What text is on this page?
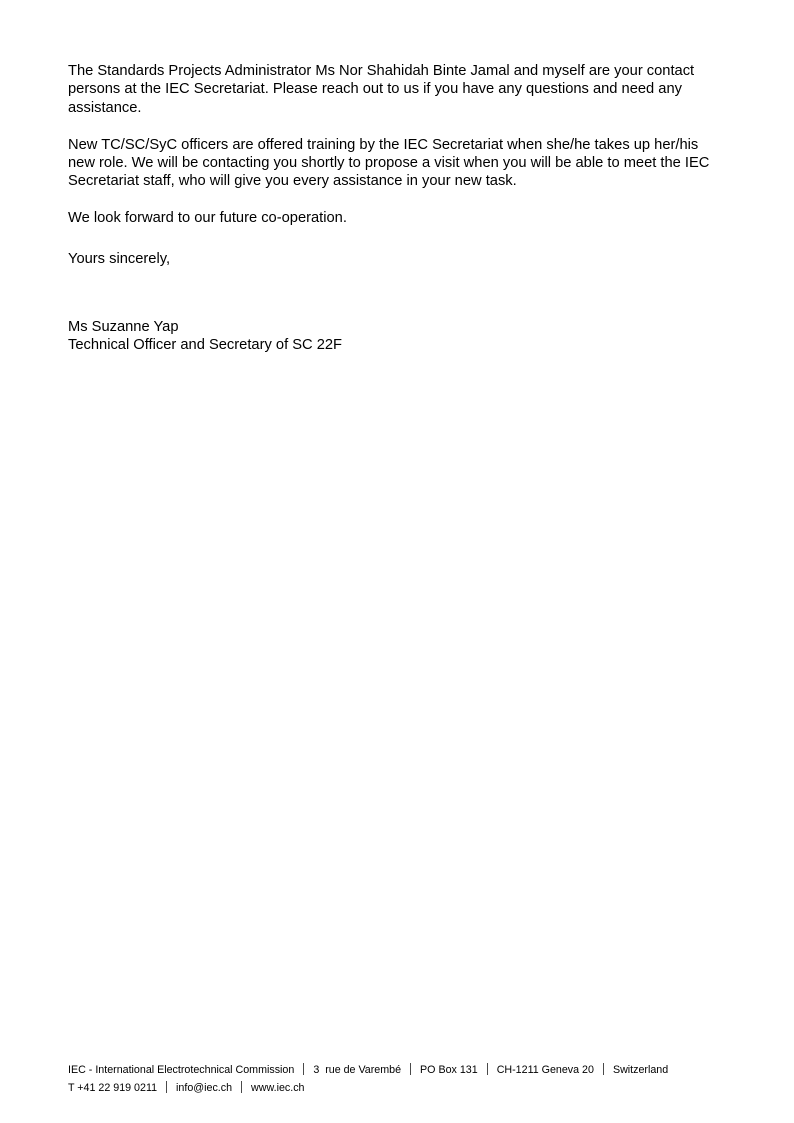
The Standards Projects Administrator Ms Nor Shahidah Binte Jamal and myself are your contact persons at the IEC Secretariat. Please reach out to us if you have any questions and need any assistance.

New TC/SC/SyC officers are offered training by the IEC Secretariat when she/he takes up her/his new role. We will be contacting you shortly to propose a visit when you will be able to meet the IEC Secretariat staff, who will give you every assistance in your new task.

We look forward to our future co-operation.

Yours sincerely,

Ms Suzanne Yap
Technical Officer and Secretary of SC 22F
IEC - International Electrotechnical Commission 3  rue de Varembé PO Box 131 CH-1211 Geneva 20 Switzerland
T +41 22 919 0211 info@iec.ch www.iec.ch
